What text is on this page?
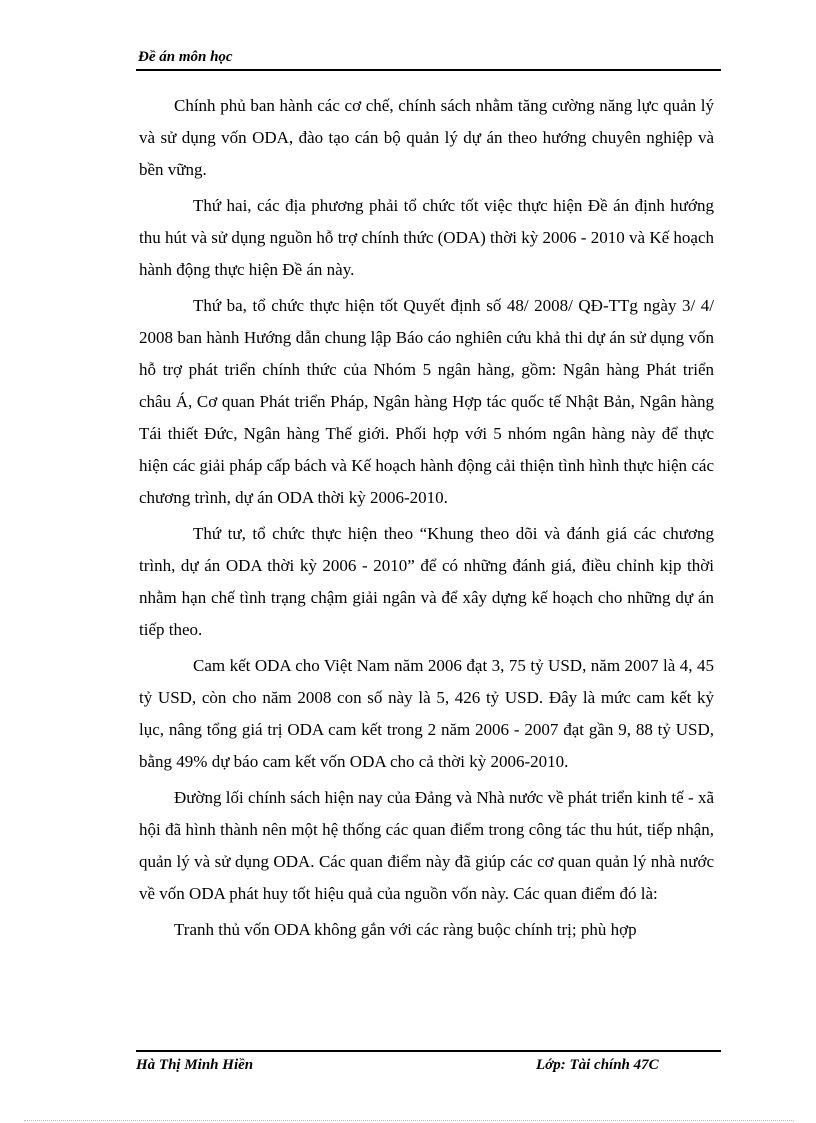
Đề án môn học

Chính phủ ban hành các cơ chế, chính sách nhằm tăng cường năng lực quản lý và sử dụng vốn ODA, đào tạo cán bộ quản lý dự án theo hướng chuyên nghiệp và bền vững.

Thứ hai, các địa phương phải tổ chức tốt việc thực hiện Đề án định hướng thu hút và sử dụng nguồn hỗ trợ chính thức (ODA) thời kỳ 2006 - 2010 và Kế hoạch hành động thực hiện Đề án này.

Thứ ba, tổ chức thực hiện tốt Quyết định số 48/ 2008/ QĐ-TTg ngày 3/ 4/ 2008 ban hành Hướng dẫn chung lập Báo cáo nghiên cứu khả thi dự án sử dụng vốn hỗ trợ phát triển chính thức của Nhóm 5 ngân hàng, gồm: Ngân hàng Phát triển châu Á, Cơ quan Phát triển Pháp, Ngân hàng Hợp tác quốc tế Nhật Bản, Ngân hàng Tái thiết Đức, Ngân hàng Thế giới. Phối hợp với 5 nhóm ngân hàng này để thực hiện các giải pháp cấp bách và Kế hoạch hành động cải thiện tình hình thực hiện các chương trình, dự án ODA thời kỳ 2006-2010.

Thứ tư, tổ chức thực hiện theo “Khung theo dõi và đánh giá các chương trình, dự án ODA thời kỳ 2006 - 2010” để có những đánh giá, điều chỉnh kịp thời nhằm hạn chế tình trạng chậm giải ngân và để xây dựng kế hoạch cho những dự án tiếp theo.

Cam kết ODA cho Việt Nam năm 2006 đạt 3, 75 tỷ USD, năm 2007 là 4, 45 tỷ USD, còn cho năm 2008 con số này là 5, 426 tỷ USD. Đây là mức cam kết kỷ lục, nâng tổng giá trị ODA cam kết trong 2 năm 2006 - 2007 đạt gần 9, 88 tỷ USD, bằng 49% dự báo cam kết vốn ODA cho cả thời kỳ 2006-2010.

Đường lối chính sách hiện nay của Đảng và Nhà nước về phát triển kinh tế - xã hội đã hình thành nên một hệ thống các quan điểm trong công tác thu hút, tiếp nhận, quản lý và sử dụng ODA. Các quan điểm này đã giúp các cơ quan quản lý nhà nước về vốn ODA phát huy tốt hiệu quả của nguồn vốn này. Các quan điểm đó là:

Tranh thủ vốn ODA không gắn với các ràng buộc chính trị; phù hợp

Hà Thị Minh Hiền	Lớp: Tài chính 47C
